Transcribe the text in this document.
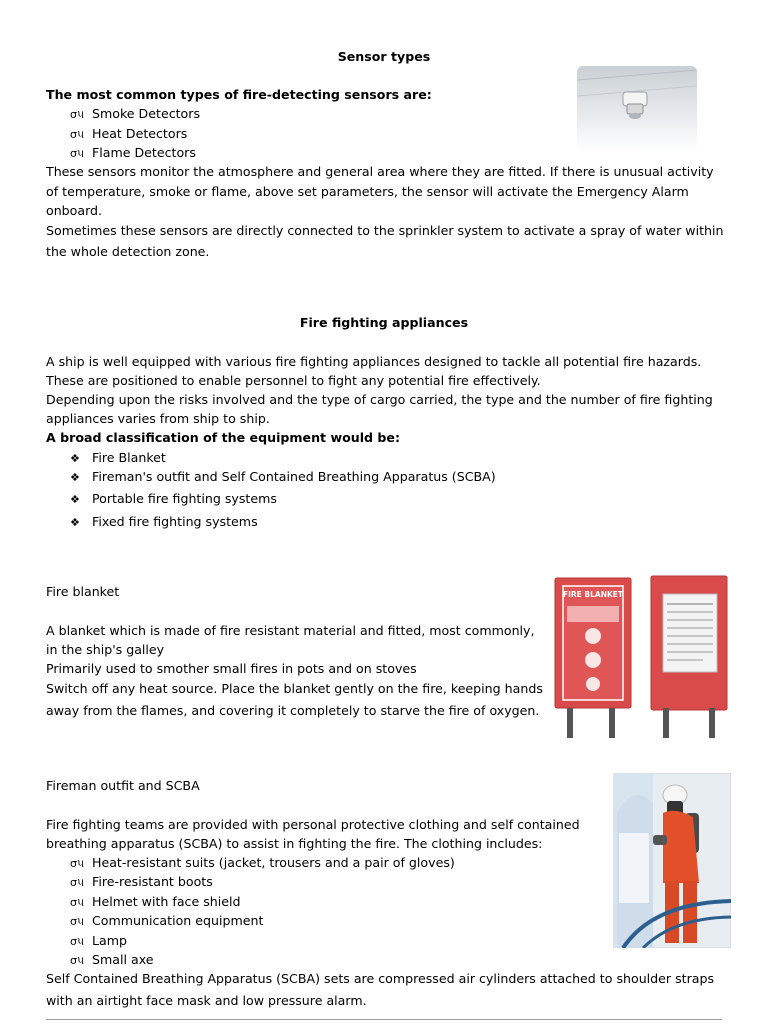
Sensor types
The most common types of fire-detecting sensors are:
σ૫ Smoke Detectors
σ૫ Heat Detectors
σ૫ Flame Detectors
These sensors monitor the atmosphere and general area where they are fitted. If there is unusual activity
of temperature, smoke or flame, above set parameters, the sensor will activate the Emergency Alarm
onboard.
Sometimes these sensors are directly connected to the sprinkler system to activate a spray of water within
the whole detection zone.
Fire fighting appliances
A ship is well equipped with various fire fighting appliances designed to tackle all potential fire hazards.
These are positioned to enable personnel to fight any potential fire effectively.
Depending upon the risks involved and the type of cargo carried, the type and the number of fire fighting
appliances varies from ship to ship.
A broad classification of the equipment would be:
❖ Fire Blanket
❖ Fireman's outfit and Self Contained Breathing Apparatus (SCBA)
❖ Portable fire fighting systems
❖ Fixed fire fighting systems
Fire blanket
A blanket which is made of fire resistant material and fitted, most commonly,
in the ship's galley
Primarily used to smother small fires in pots and on stoves
Switch off any heat source. Place the blanket gently on the fire, keeping hands
away from the flames, and covering it completely to starve the fire of oxygen.
FIRE BLANKET
Fireman outfit and SCBA
Fire fighting teams are provided with personal protective clothing and self contained
breathing apparatus (SCBA) to assist in fighting the fire. The clothing includes:
σ૫ Heat-resistant suits (jacket, trousers and a pair of gloves)
σ૫ Fire-resistant boots
σ૫ Helmet with face shield
σ૫ Communication equipment
σ૫ Lamp
σ૫ Small axe
Self Contained Breathing Apparatus (SCBA) sets are compressed air cylinders attached to shoulder straps
with an airtight face mask and low pressure alarm.
